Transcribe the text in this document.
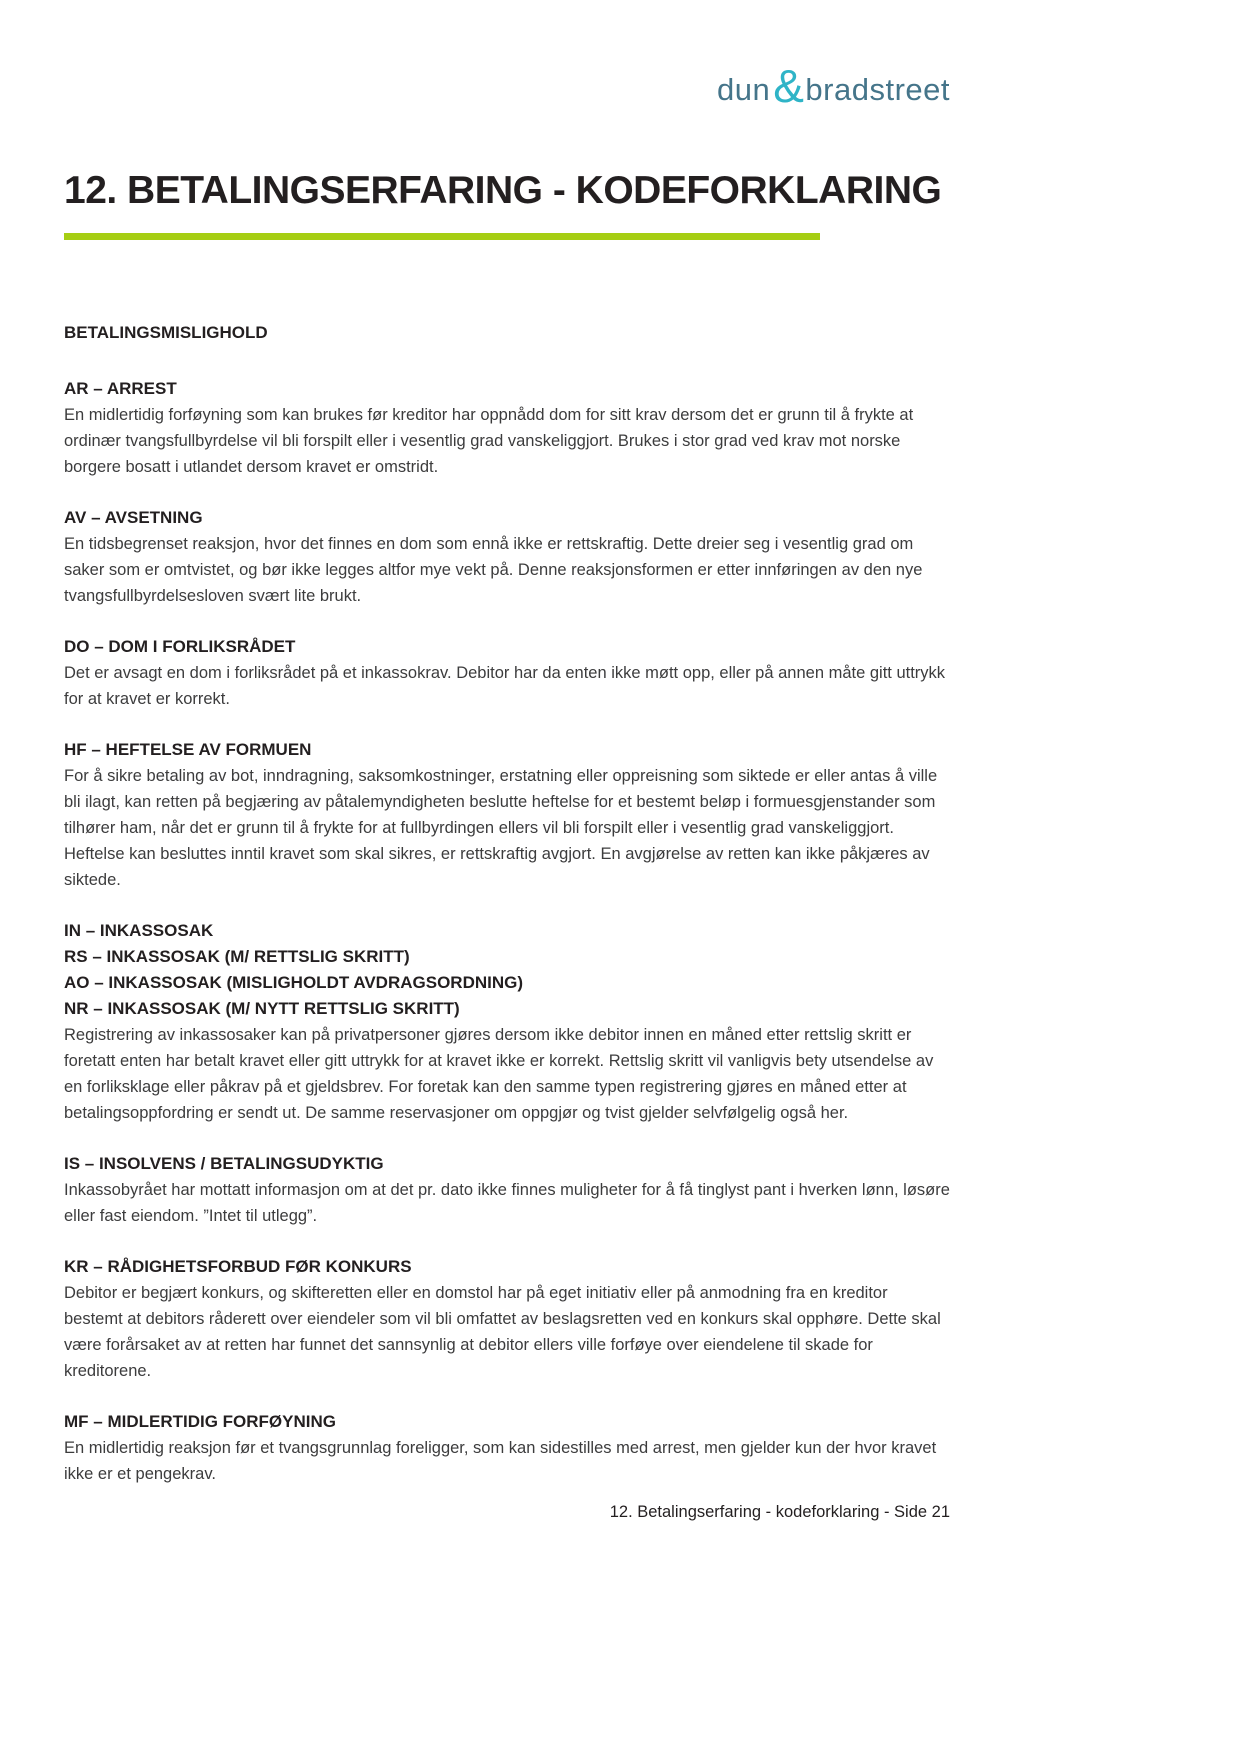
dun & bradstreet
12. BETALINGSERFARING - KODEFORKLARING
BETALINGSMISLIGHOLD
AR – ARREST

En midlertidig forføyning som kan brukes før kreditor har oppnådd dom for sitt krav dersom det er grunn til å frykte at ordinær tvangsfullbyrdelse vil bli forspilt eller i vesentlig grad vanskeliggjort. Brukes i stor grad ved krav mot norske borgere bosatt i utlandet dersom kravet er omstridt.

AV – AVSETNING

En tidsbegrenset reaksjon, hvor det finnes en dom som ennå ikke er rettskraftig. Dette dreier seg i vesentlig grad om saker som er omtvistet, og bør ikke legges altfor mye vekt på. Denne reaksjonsformen er etter innføringen av den nye tvangsfullbyrdelsesloven svært lite brukt.

DO – DOM I FORLIKSRÅDET

Det er avsagt en dom i forliksrådet på et inkassokrav. Debitor har da enten ikke møtt opp, eller på annen måte gitt uttrykk for at kravet er korrekt.

HF – HEFTELSE AV FORMUEN

For å sikre betaling av bot, inndragning, saksomkostninger, erstatning eller oppreisning som siktede er eller antas å ville bli ilagt, kan retten på begjæring av påtalemyndigheten beslutte heftelse for et bestemt beløp i formuesgjenstander som tilhører ham, når det er grunn til å frykte for at fullbyrdingen ellers vil bli forspilt eller i vesentlig grad vanskeliggjort. Heftelse kan besluttes inntil kravet som skal sikres, er rettskraftig avgjort. En avgjørelse av retten kan ikke påkjæres av siktede.

IN – INKASSOSAK
RS – INKASSOSAK (M/ RETTSLIG SKRITT)
AO – INKASSOSAK (MISLIGHOLDT AVDRAGSORDNING)
NR – INKASSOSAK (M/ NYTT RETTSLIG SKRITT)

Registrering av inkassosaker kan på privatpersoner gjøres dersom ikke debitor innen en måned etter rettslig skritt er foretatt enten har betalt kravet eller gitt uttrykk for at kravet ikke er korrekt. Rettslig skritt vil vanligvis bety utsendelse av en forliksklage eller påkrav på et gjeldsbrev. For foretak kan den samme typen registrering gjøres en måned etter at betalingsoppfordring er sendt ut. De samme reservasjoner om oppgjør og tvist gjelder selvfølgelig også her.

IS – INSOLVENS / BETALINGSUDYKTIG

Inkassobyrået har mottatt informasjon om at det pr. dato ikke finnes muligheter for å få tinglyst pant i hverken lønn, løsøre eller fast eiendom. ”Intet til utlegg”.

KR – RÅDIGHETSFORBUD FØR KONKURS

Debitor er begjært konkurs, og skifteretten eller en domstol har på eget initiativ eller på anmodning fra en kreditor bestemt at debitors råderett over eiendeler som vil bli omfattet av beslagsretten ved en konkurs skal opphøre. Dette skal være forårsaket av at retten har funnet det sannsynlig at debitor ellers ville forføye over eiendelene til skade for kreditorene.

MF – MIDLERTIDIG FORFØYNING

En midlertidig reaksjon før et tvangsgrunnlag foreligger, som kan sidestilles med arrest, men gjelder kun der hvor kravet ikke er et pengekrav.

12. Betalingserfaring - kodeforklaring - Side 21
